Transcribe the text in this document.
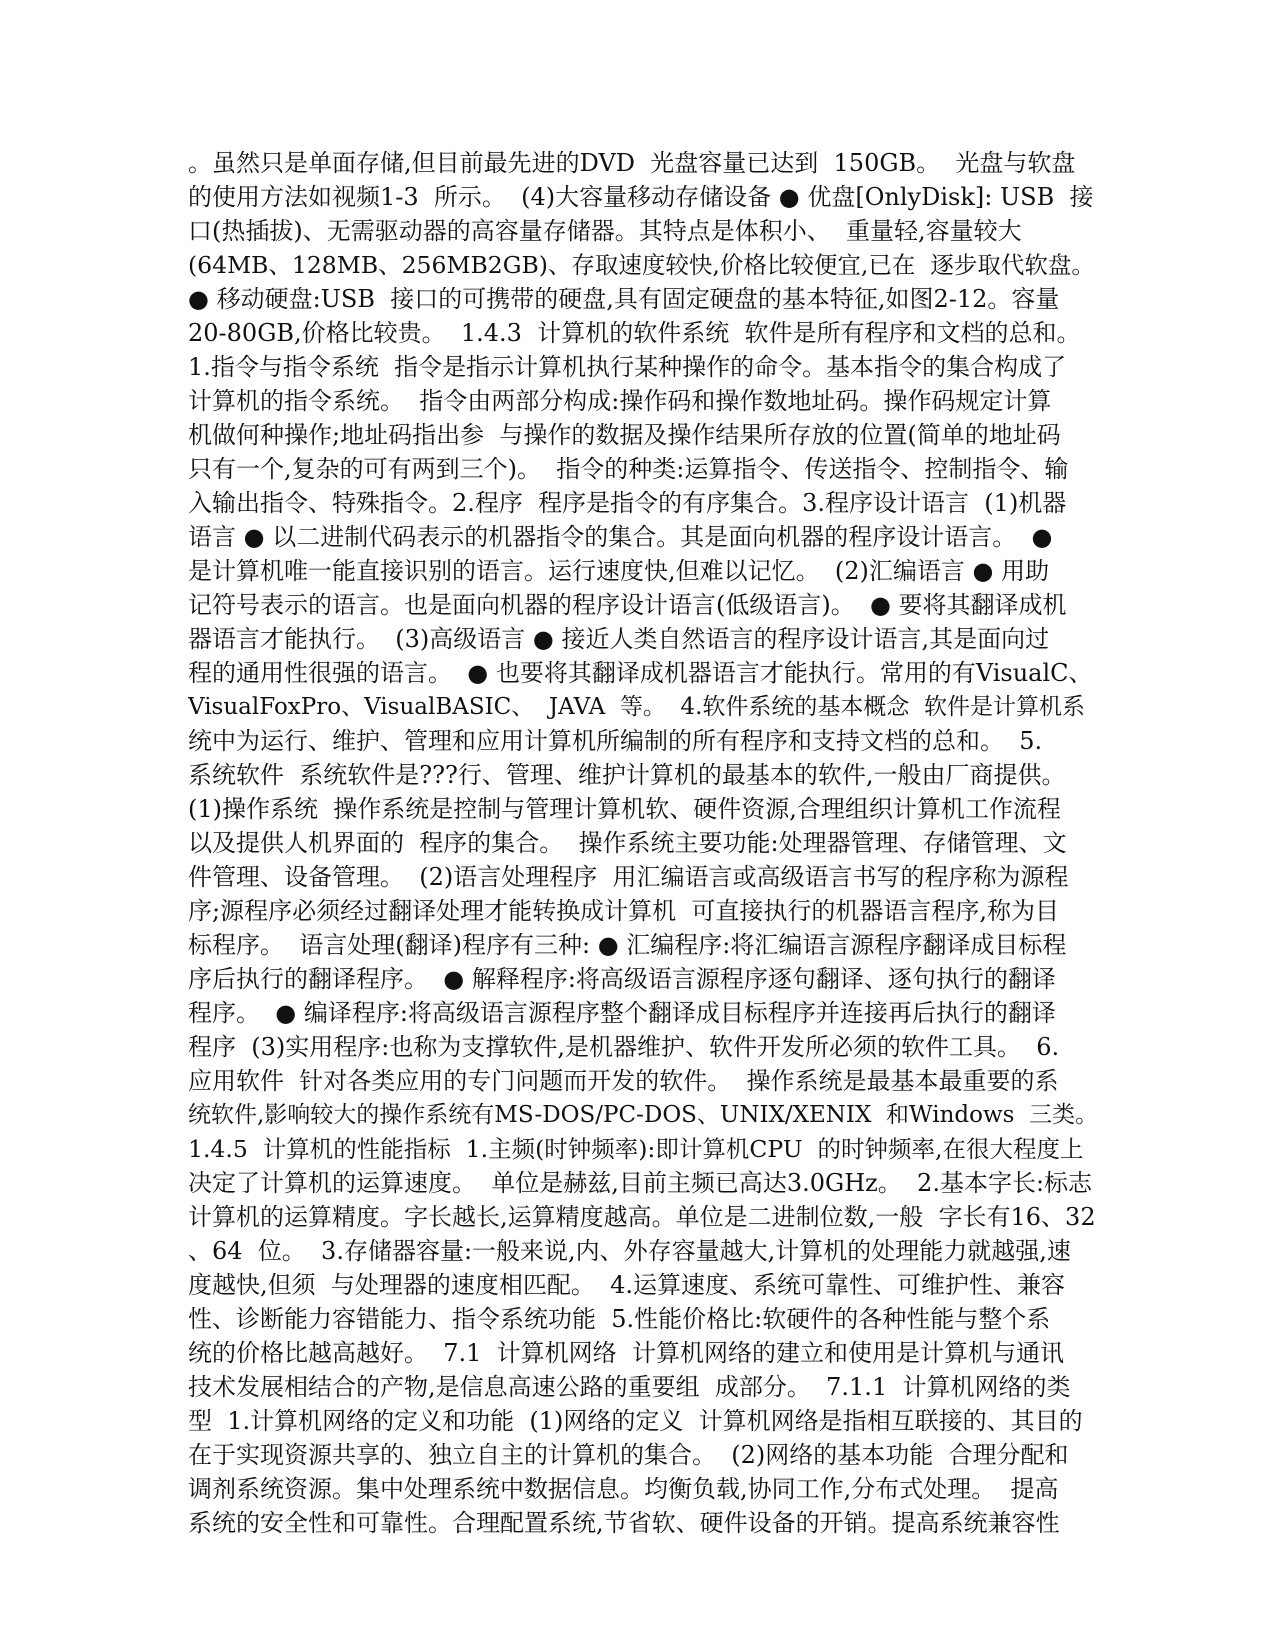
。虽然只是单面存储,但目前最先进的DVD  光盘容量已达到  150GB。  光盘与软盘
的使用方法如视频1-3  所示。  (4)大容量移动存储设备 ● 优盘[OnlyDisk]: USB  接
口(热插拔)、无需驱动器的高容量存储器。其特点是体积小、  重量轻,容量较大
(64MB、128MB、256MB2GB)、存取速度较快,价格比较便宜,已在  逐步取代软盘。
● 移动硬盘:USB  接口的可携带的硬盘,具有固定硬盘的基本特征,如图2-12。容量
20-80GB,价格比较贵。  1.4.3  计算机的软件系统  软件是所有程序和文档的总和。
1.指令与指令系统  指令是指示计算机执行某种操作的命令。基本指令的集合构成了
计算机的指令系统。  指令由两部分构成:操作码和操作数地址码。操作码规定计算
机做何种操作;地址码指出参  与操作的数据及操作结果所存放的位置(简单的地址码
只有一个,复杂的可有两到三个)。  指令的种类:运算指令、传送指令、控制指令、输
入输出指令、特殊指令。2.程序  程序是指令的有序集合。3.程序设计语言  (1)机器
语言 ● 以二进制代码表示的机器指令的集合。其是面向机器的程序设计语言。  ●
是计算机唯一能直接识别的语言。运行速度快,但难以记忆。  (2)汇编语言 ● 用助
记符号表示的语言。也是面向机器的程序设计语言(低级语言)。  ● 要将其翻译成机
器语言才能执行。  (3)高级语言 ● 接近人类自然语言的程序设计语言,其是面向过
程的通用性很强的语言。  ● 也要将其翻译成机器语言才能执行。常用的有VisualC、
VisualFoxPro、VisualBASIC、  JAVA  等。  4.软件系统的基本概念  软件是计算机系
统中为运行、维护、管理和应用计算机所编制的所有程序和支持文档的总和。  5.
系统软件  系统软件是???行、管理、维护计算机的最基本的软件,一般由厂商提供。
(1)操作系统  操作系统是控制与管理计算机软、硬件资源,合理组织计算机工作流程
以及提供人机界面的  程序的集合。  操作系统主要功能:处理器管理、存储管理、文
件管理、设备管理。  (2)语言处理程序  用汇编语言或高级语言书写的程序称为源程
序;源程序必须经过翻译处理才能转换成计算机  可直接执行的机器语言程序,称为目
标程序。  语言处理(翻译)程序有三种: ● 汇编程序:将汇编语言源程序翻译成目标程
序后执行的翻译程序。  ● 解释程序:将高级语言源程序逐句翻译、逐句执行的翻译
程序。  ● 编译程序:将高级语言源程序整个翻译成目标程序并连接再后执行的翻译
程序  (3)实用程序:也称为支撑软件,是机器维护、软件开发所必须的软件工具。  6.
应用软件  针对各类应用的专门问题而开发的软件。  操作系统是最基本最重要的系
统软件,影响较大的操作系统有MS-DOS/PC-DOS、UNIX/XENIX  和Windows  三类。
1.4.5  计算机的性能指标  1.主频(时钟频率):即计算机CPU  的时钟频率,在很大程度上
决定了计算机的运算速度。  单位是赫兹,目前主频已高达3.0GHz。  2.基本字长:标志
计算机的运算精度。字长越长,运算精度越高。单位是二进制位数,一般  字长有16、32
、64  位。  3.存储器容量:一般来说,内、外存容量越大,计算机的处理能力就越强,速
度越快,但须  与处理器的速度相匹配。  4.运算速度、系统可靠性、可维护性、兼容
性、诊断能力容错能力、指令系统功能  5.性能价格比:软硬件的各种性能与整个系
统的价格比越高越好。  7.1  计算机网络  计算机网络的建立和使用是计算机与通讯
技术发展相结合的产物,是信息高速公路的重要组  成部分。  7.1.1  计算机网络的类
型  1.计算机网络的定义和功能  (1)网络的定义  计算机网络是指相互联接的、其目的
在于实现资源共享的、独立自主的计算机的集合。  (2)网络的基本功能  合理分配和
调剂系统资源。集中处理系统中数据信息。均衡负载,协同工作,分布式处理。  提高
系统的安全性和可靠性。合理配置系统,节省软、硬件设备的开销。提高系统兼容性
